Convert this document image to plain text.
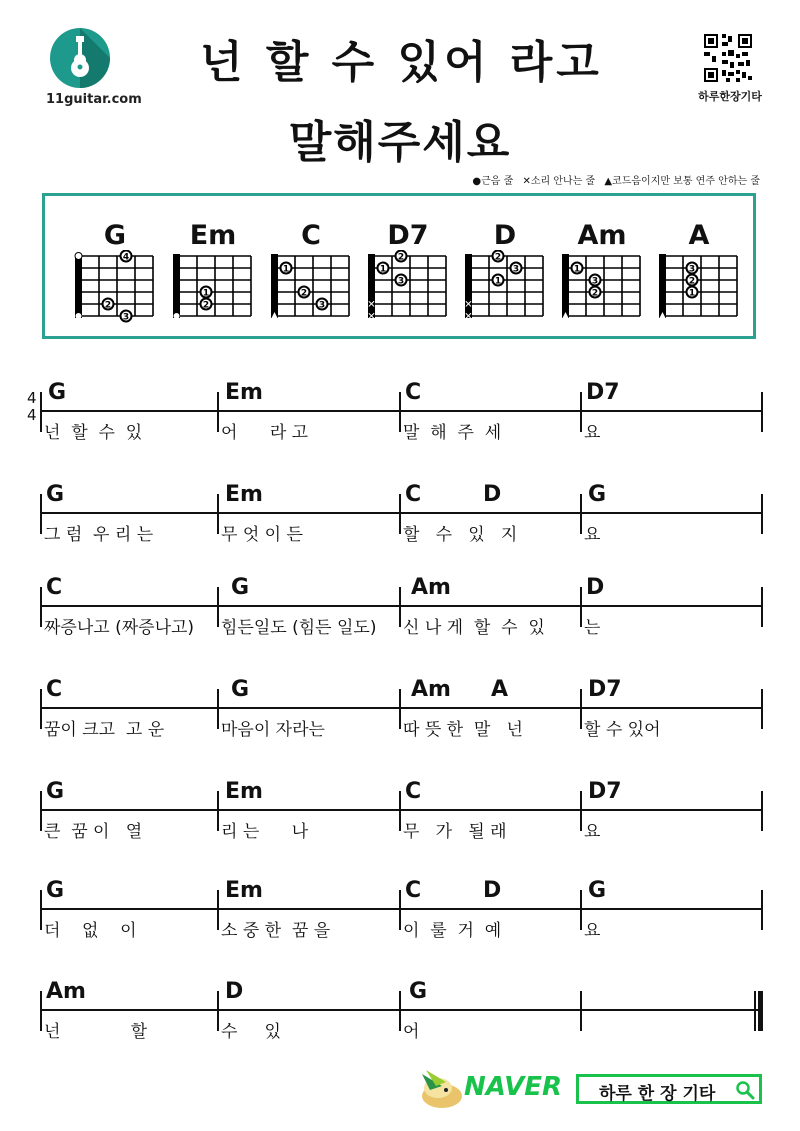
11guitar.com
넌 할 수 있어 라고
말해주세요
하루한장기타
●근음 줄 ✕소리 안나는 줄 ▲코드음이지만 보통 연주 안하는 줄
G
2
3
4
Em
2
1
C
1
2
3
D7
✕
✕
1
2
3
D
✕
✕
1
2
3
Am
1
3
2
A
3
2
1
4
4
G
넌  할  수  있
Em
어      라 고
C
말  해  주  세
D7
요
G
그 럼  우 리 는
Em
무 엇 이 든
C	D
할   수   있   지
G
요
C
짜증나고 (짜증나고)
G
힘든일도 (힘든 일도)
Am
신 나 게  할  수  있
D
는
C
꿈이 크고  고 운
G
마음이 자라는
Am A
따 뜻 한  말   넌
D7
할 수 있어
G
큰  꿈 이   열
Em
리 는      나
C
무   가   될 래
D7
요
G
더    없    이
Em
소 중 한  꿈 을
C	D
이  룰  거  예
G
요
Am
넌             할
D
수     있
G
어
NAVER 하루 한 장 기타
